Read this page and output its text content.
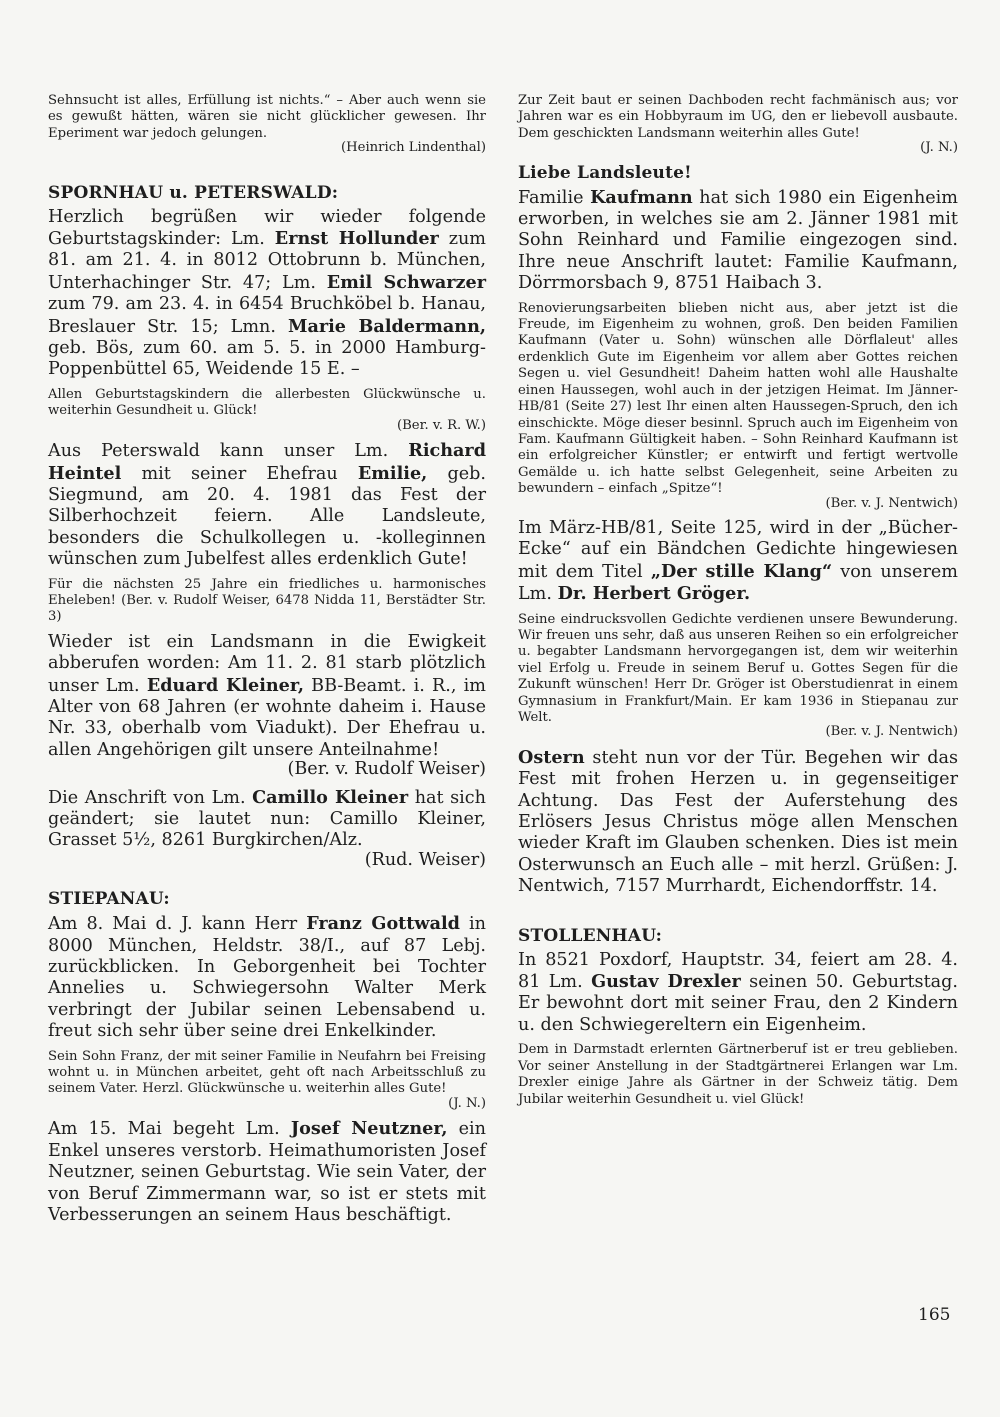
Sehnsucht ist alles, Erfüllung ist nichts.“ – Aber auch wenn sie es gewußt hätten, wären sie nicht glücklicher gewesen. Ihr Eperiment war jedoch gelungen.

(Heinrich Lindenthal)
SPORNHAU u. PETERSWALD:

Herzlich begrüßen wir wieder folgende Geburtstagskinder: Lm. Ernst Hollunder zum 81. am 21. 4. in 8012 Ottobrunn b. München, Unterhachinger Str. 47; Lm. Emil Schwarzer zum 79. am 23. 4. in 6454 Bruchköbel b. Hanau, Breslauer Str. 15; Lmn. Marie Baldermann, geb. Bös, zum 60. am 5. 5. in 2000 Hamburg-Poppenbüttel 65, Weidende 15 E. –

Allen Geburtstagskindern die allerbesten Glückwünsche u. weiterhin Gesundheit u. Glück!

(Ber. v. R. W.)

Aus Peterswald kann unser Lm. Richard Heintel mit seiner Ehefrau Emilie, geb. Siegmund, am 20. 4. 1981 das Fest der Silberhochzeit feiern. Alle Landsleute, besonders die Schulkollegen u. -kolleginnen wünschen zum Jubelfest alles erdenklich Gute!

Für die nächsten 25 Jahre ein friedliches u. harmonisches Eheleben! (Ber. v. Rudolf Weiser, 6478 Nidda 11, Berstädter Str. 3)

Wieder ist ein Landsmann in die Ewigkeit abberufen worden: Am 11. 2. 81 starb plötzlich unser Lm. Eduard Kleiner, BB-Beamt. i. R., im Alter von 68 Jahren (er wohnte daheim i. Hause Nr. 33, oberhalb vom Viadukt). Der Ehefrau u. allen Angehörigen gilt unsere Anteilnahme!

(Ber. v. Rudolf Weiser)

Die Anschrift von Lm. Camillo Kleiner hat sich geändert; sie lautet nun: Camillo Kleiner, Grasset 5½, 8261 Burgkirchen/Alz.

(Rud. Weiser)
STIEPANAU:

Am 8. Mai d. J. kann Herr Franz Gottwald in 8000 München, Heldstr. 38/I., auf 87 Lebj. zurückblicken. In Geborgenheit bei Tochter Annelies u. Schwiegersohn Walter Merk verbringt der Jubilar seinen Lebensabend u. freut sich sehr über seine drei Enkelkinder.

Sein Sohn Franz, der mit seiner Familie in Neufahrn bei Freising wohnt u. in München arbeitet, geht oft nach Arbeitsschluß zu seinem Vater. Herzl. Glückwünsche u. weiterhin alles Gute!

(J. N.)

Am 15. Mai begeht Lm. Josef Neutzner, ein Enkel unseres verstorb. Heimathumoristen Josef Neutzner, seinen Geburtstag. Wie sein Vater, der von Beruf Zimmermann war, so ist er stets mit Verbesserungen an seinem Haus beschäftigt.

Zur Zeit baut er seinen Dachboden recht fachmänisch aus; vor Jahren war es ein Hobbyraum im UG, den er liebevoll ausbaute. Dem geschickten Landsmann weiterhin alles Gute!

(J. N.)
Liebe Landsleute!

Familie Kaufmann hat sich 1980 ein Eigenheim erworben, in welches sie am 2. Jänner 1981 mit Sohn Reinhard und Familie eingezogen sind. Ihre neue Anschrift lautet: Familie Kaufmann, Dörrmorsbach 9, 8751 Haibach 3.

Renovierungsarbeiten blieben nicht aus, aber jetzt ist die Freude, im Eigenheim zu wohnen, groß. Den beiden Familien Kaufmann (Vater u. Sohn) wünschen alle Dörflaleut' alles erdenklich Gute im Eigenheim vor allem aber Gottes reichen Segen u. viel Gesundheit! Daheim hatten wohl alle Haushalte einen Haussegen, wohl auch in der jetzigen Heimat. Im Jänner-HB/81 (Seite 27) lest Ihr einen alten Haussegen-Spruch, den ich einschickte. Möge dieser besinnl. Spruch auch im Eigenheim von Fam. Kaufmann Gültigkeit haben. – Sohn Reinhard Kaufmann ist ein erfolgreicher Künstler; er entwirft und fertigt wertvolle Gemälde u. ich hatte selbst Gelegenheit, seine Arbeiten zu bewundern – einfach „Spitze“!

(Ber. v. J. Nentwich)

Im März-HB/81, Seite 125, wird in der „Bücher-Ecke“ auf ein Bändchen Gedichte hingewiesen mit dem Titel „Der stille Klang“ von unserem Lm. Dr. Herbert Gröger.

Seine eindrucksvollen Gedichte verdienen unsere Bewunderung. Wir freuen uns sehr, daß aus unseren Reihen so ein erfolgreicher u. begabter Landsmann hervorgegangen ist, dem wir weiterhin viel Erfolg u. Freude in seinem Beruf u. Gottes Segen für die Zukunft wünschen! Herr Dr. Gröger ist Oberstudienrat in einem Gymnasium in Frankfurt/Main. Er kam 1936 in Stiepanau zur Welt.

(Ber. v. J. Nentwich)

Ostern steht nun vor der Tür. Begehen wir das Fest mit frohen Herzen u. in gegenseitiger Achtung. Das Fest der Auferstehung des Erlösers Jesus Christus möge allen Menschen wieder Kraft im Glauben schenken. Dies ist mein Osterwunsch an Euch alle – mit herzl. Grüßen: J. Nentwich, 7157 Murrhardt, Eichendorffstr. 14.

STOLLENHAU:

In 8521 Poxdorf, Hauptstr. 34, feiert am 28. 4. 81 Lm. Gustav Drexler seinen 50. Geburtstag. Er bewohnt dort mit seiner Frau, den 2 Kindern u. den Schwiegereltern ein Eigenheim.

Dem in Darmstadt erlernten Gärtnerberuf ist er treu geblieben. Vor seiner Anstellung in der Stadtgärtnerei Erlangen war Lm. Drexler einige Jahre als Gärtner in der Schweiz tätig. Dem Jubilar weiterhin Gesundheit u. viel Glück!

165
